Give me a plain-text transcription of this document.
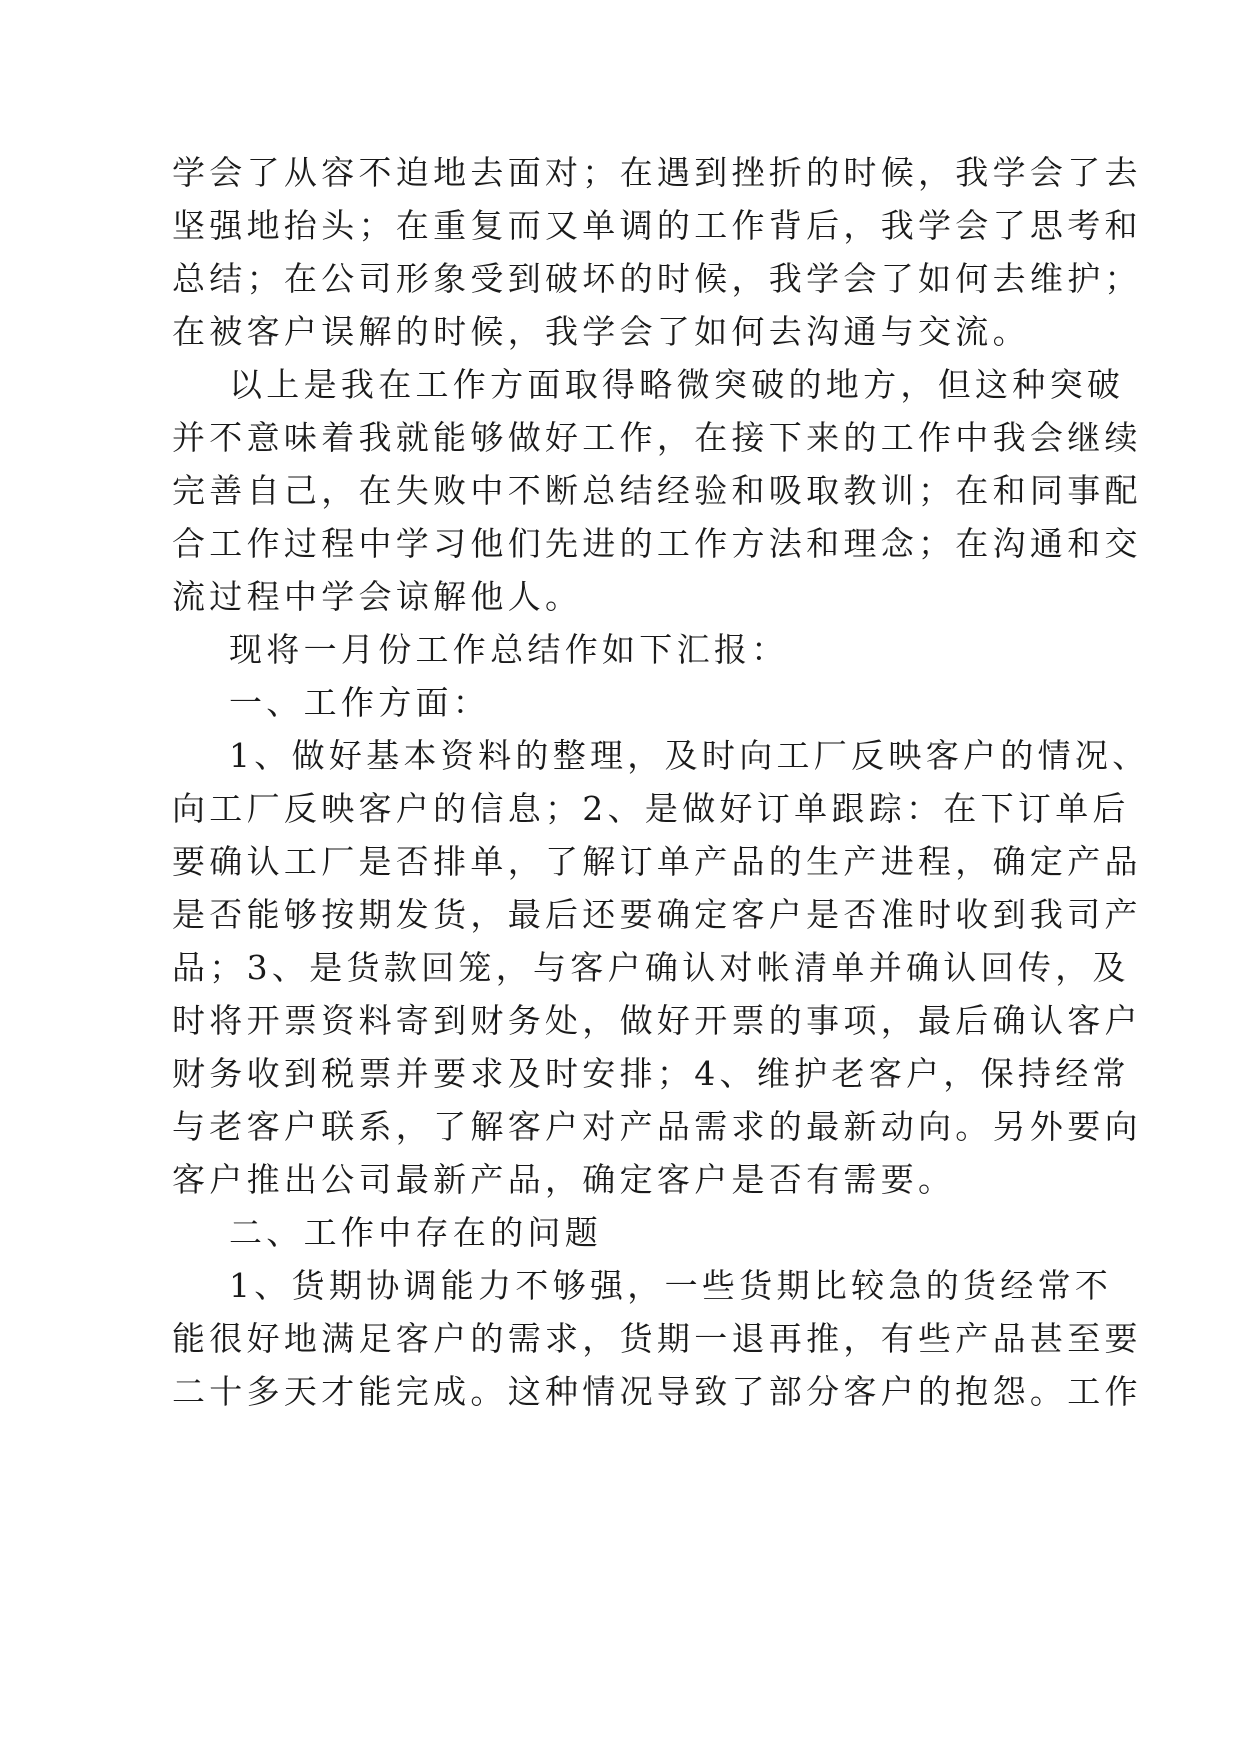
学会了从容不迫地去面对；在遇到挫折的时候，我学会了去
坚强地抬头；在重复而又单调的工作背后，我学会了思考和
总结；在公司形象受到破坏的时候，我学会了如何去维护；
在被客户误解的时候，我学会了如何去沟通与交流。
以上是我在工作方面取得略微突破的地方，但这种突破
并不意味着我就能够做好工作，在接下来的工作中我会继续
完善自己，在失败中不断总结经验和吸取教训；在和同事配
合工作过程中学习他们先进的工作方法和理念；在沟通和交
流过程中学会谅解他人。
现将一月份工作总结作如下汇报：
一、工作方面：
1、做好基本资料的整理，及时向工厂反映客户的情况、
向工厂反映客户的信息；2、是做好订单跟踪：在下订单后
要确认工厂是否排单，了解订单产品的生产进程，确定产品
是否能够按期发货，最后还要确定客户是否准时收到我司产
品；3、是货款回笼，与客户确认对帐清单并确认回传，及
时将开票资料寄到财务处，做好开票的事项，最后确认客户
财务收到税票并要求及时安排；4、维护老客户，保持经常
与老客户联系，了解客户对产品需求的最新动向。另外要向
客户推出公司最新产品，确定客户是否有需要。
二、工作中存在的问题
1、货期协调能力不够强，一些货期比较急的货经常不
能很好地满足客户的需求，货期一退再推，有些产品甚至要
二十多天才能完成。这种情况导致了部分客户的抱怨。工作
